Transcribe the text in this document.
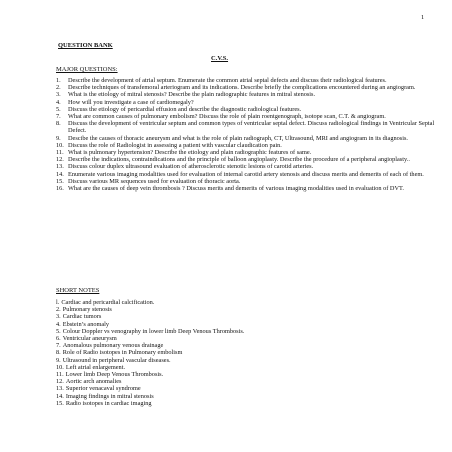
1
QUESTION BANK
C.V.S.
MAJOR QUESTIONS:
1.	Describe the development of atrial septum. Enumerate the common atrial septal defects and discuss their radiological features.
2.	Describe techniques of transfemoral arteriogram and its indications. Describe briefly the complications encountered during an angiogram.
3.	What is the etiology of mitral stenosis? Describe the plain radiographic features in mitral stenosis.
4.	How will you investigate a case of cardiomegaly?
5.	Discuss the etiology of pericardial effusion and describe the diagnostic radiological features.
7.	What are common causes of pulmonary embolism? Discuss the role of plain roentgenograph, isotope scan, C.T. & angiogram.
8.	Discuss the development of ventricular septum and common types of ventricular septal defect. Discuss radiological findings in Ventricular Septal Defect.
9.	Descibe the causes of thoracic aneurysm and what is the role of plain radiograph, CT, Ultrasound, MRI and angiogram in its diagnosis.
10. Discuss the role of Radiologist in assessing a patient with vascular claudication pain.
11. What is pulmonary hypertension? Describe the etiology and plain radiographic features of same.
12. Describe the indications, contraindications and the principle of balloon angioplasty. Describe the procedure of a peripheral angioplasty..
13. Discuss colour duplex ultrasound evaluation of atherosclerotic stenotic lesions of carotid arteries.
14. Enumerate various imaging modalities used for evaluation of internal carotid artery stenosis and discuss merits and demerits of each of them.
15. Discuss various MR sequences used for evaluation of thoracic aorta.
16. What are the causes of deep vein thrombosis ? Discuss merits and demerits of various imaging modalities used in evaluation of DVT.
SHORT NOTES
l. Cardiac and pericardial calcification.
2. Pulmonary stenosis
3. Cardiac tumors
4. Ebstein’s anomaly
5. Colour Doppler vs venography in lower limb Deep Venous Thrombosis.
6. Ventricular aneurysm
7. Anomalous pulmonary venous drainage
8. Role of Radio isotopes in Pulmonary embolism
9. Ultrasound in peripheral vascular diseases.
10. Left atrial enlargement.
11. Lower limb Deep Venous Thrombosis.
12. Aortic arch anomalies
13. Superior venacaval syndrome
14. Imaging findings in mitral stenosis
15. Radio isotopes in cardiac imaging
